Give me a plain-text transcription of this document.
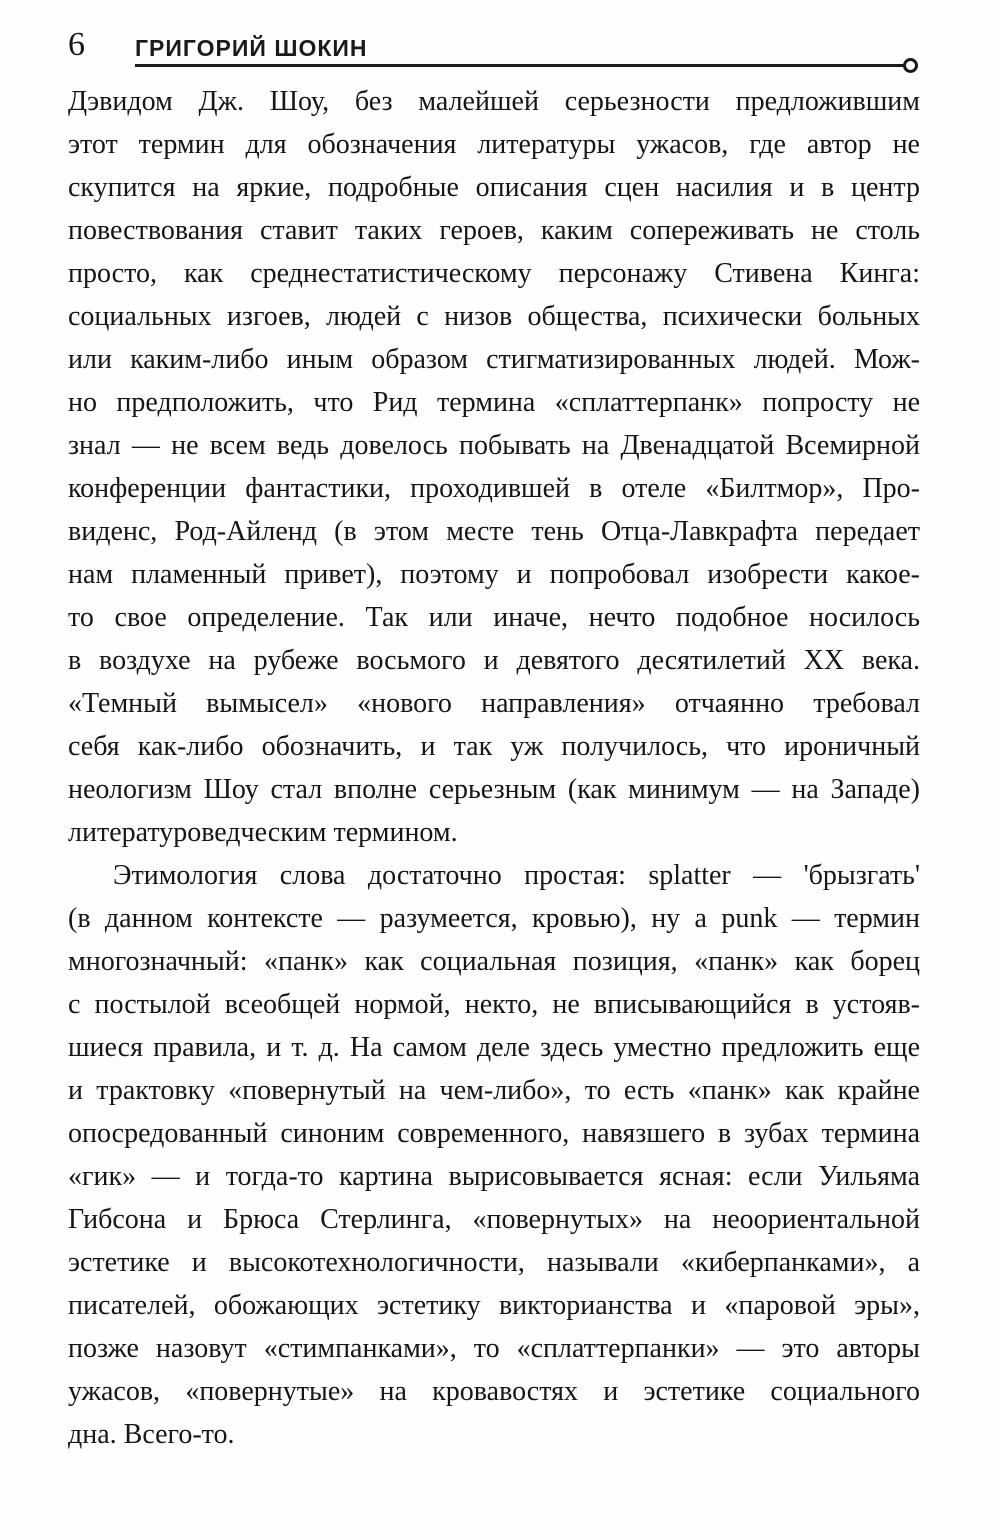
6 ГРИГОРИЙ ШОКИН
Дэвидом Дж. Шоу, без малейшей серьезности предложившим
этот термин для обозначения литературы ужасов, где автор не
скупится на яркие, подробные описания сцен насилия и в центр
повествования ставит таких героев, каким сопереживать не столь
просто, как среднестатистическому персонажу Стивена Кинга:
социальных изгоев, людей с низов общества, психически больных
или каким-либо иным образом стигматизированных людей. Мож-
но предположить, что Рид термина «сплаттерпанк» попросту не
знал — не всем ведь довелось побывать на Двенадцатой Всемирной
конференции фантастики, проходившей в отеле «Билтмор», Про-
виденс, Род-Айленд (в этом месте тень Отца-Лавкрафта передает
нам пламенный привет), поэтому и попробовал изобрести какое-
то свое определение. Так или иначе, нечто подобное носилось
в воздухе на рубеже восьмого и девятого десятилетий XX века.
«Темный вымысел» «нового направления» отчаянно требовал
себя как-либо обозначить, и так уж получилось, что ироничный
неологизм Шоу стал вполне серьезным (как минимум — на Западе)
литературоведческим термином.
Этимология слова достаточно простая: splatter — 'брызгать'
(в данном контексте — разумеется, кровью), ну а punk — термин
многозначный: «панк» как социальная позиция, «панк» как борец
с постылой всеобщей нормой, некто, не вписывающийся в устояв-
шиеся правила, и т. д. На самом деле здесь уместно предложить еще
и трактовку «повернутый на чем-либо», то есть «панк» как крайне
опосредованный синоним современного, навязшего в зубах термина
«гик» — и тогда-то картина вырисовывается ясная: если Уильяма
Гибсона и Брюса Стерлинга, «повернутых» на неоориентальной
эстетике и высокотехнологичности, называли «киберпанками», а
писателей, обожающих эстетику викторианства и «паровой эры»,
позже назовут «стимпанками», то «сплаттерпанки» — это авторы
ужасов, «повернутые» на кровавостях и эстетике социального
дна. Всего-то.
